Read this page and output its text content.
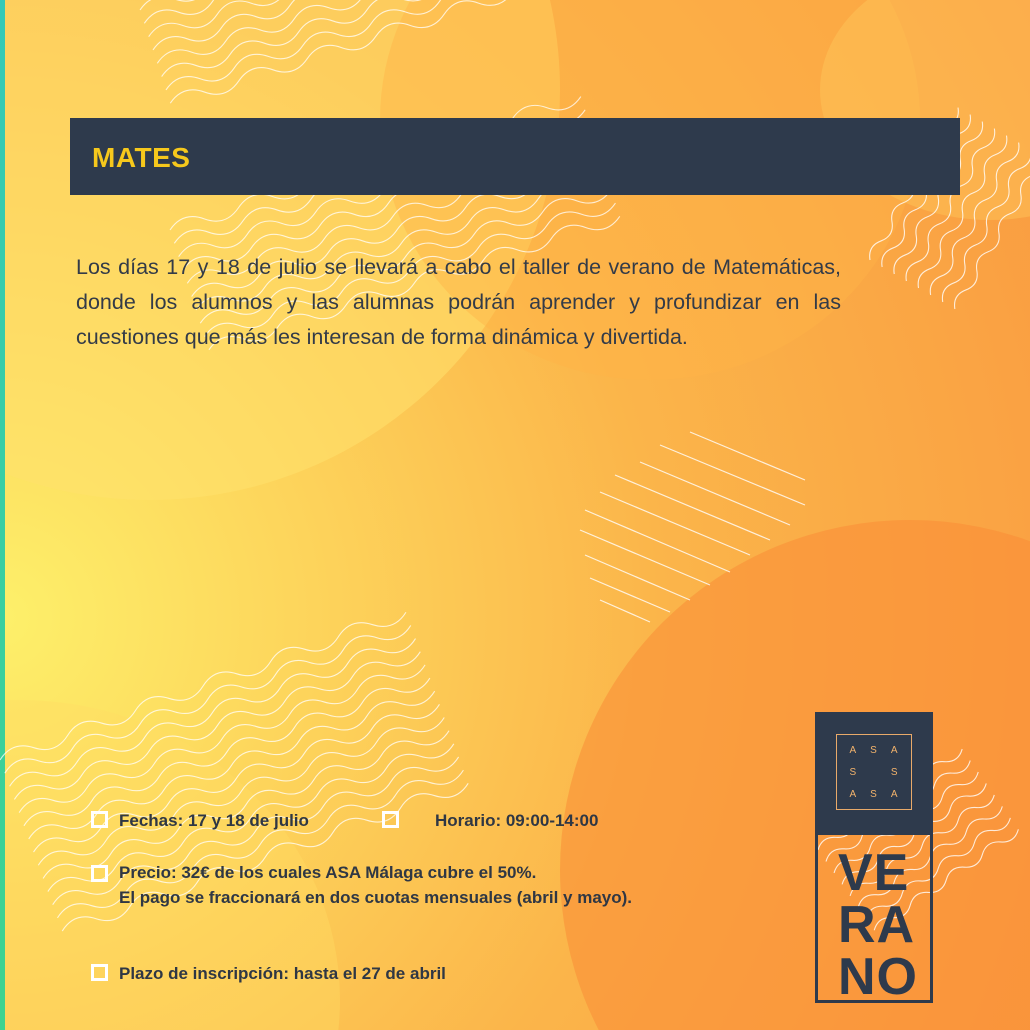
MATES

Los días 17 y 18 de julio se llevará a cabo el taller de verano de Matemáticas, donde los alumnos y las alumnas podrán aprender y profundizar en las cuestiones que más les interesan de forma dinámica y divertida.

Fechas: 17 y 18 de julio	Horario: 09:00-14:00
Precio: 32€ de los cuales ASA Málaga cubre el 50%.
El pago se fraccionará en dos cuotas mensuales (abril y mayo).
Plazo de inscripción: hasta el 27 de abril
A S A
S	S
A S A
VE
RA
NO
